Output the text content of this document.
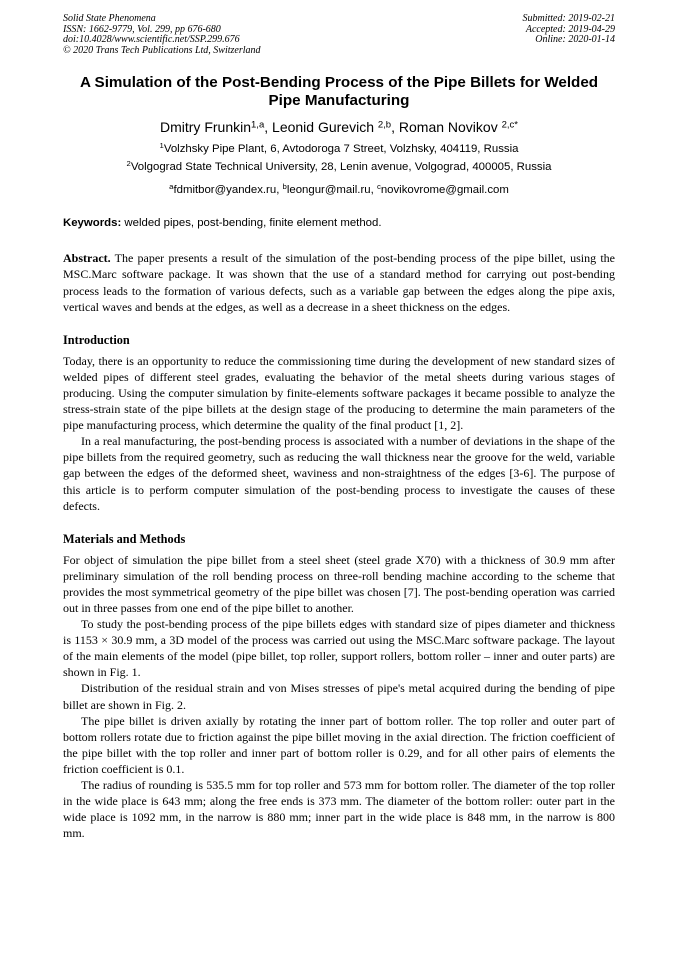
Solid State Phenomena
ISSN: 1662-9779, Vol. 299, pp 676-680
doi:10.4028/www.scientific.net/SSP.299.676
© 2020 Trans Tech Publications Ltd, Switzerland
Submitted: 2019-02-21
Accepted: 2019-04-29
Online: 2020-01-14
A Simulation of the Post-Bending Process of the Pipe Billets for Welded Pipe Manufacturing
Dmitry Frunkin$^{1,a}$, Leonid Gurevich $^{2,b}$, Roman Novikov $^{2,c*}$
$^1$Volzhsky Pipe Plant, 6, Avtodoroga 7 Street, Volzhsky, 404119, Russia
$^2$Volgograd State Technical University, 28, Lenin avenue, Volgograd, 400005, Russia
$^a$fdmitbor@yandex.ru, $^b$leongur@mail.ru, $^c$novikovrome@gmail.com
Keywords: welded pipes, post-bending, finite element method.
Abstract. The paper presents a result of the simulation of the post-bending process of the pipe billet, using the MSC.Marc software package. It was shown that the use of a standard method for carrying out post-bending process leads to the formation of various defects, such as a variable gap between the edges along the pipe axis, vertical waves and bends at the edges, as well as a decrease in a sheet thickness on the edges.
Introduction

Today, there is an opportunity to reduce the commissioning time during the development of new standard sizes of welded pipes of different steel grades, evaluating the behavior of the metal sheets during various stages of producing. Using the computer simulation by finite-elements software packages it became possible to analyze the stress-strain state of the pipe billets at the design stage of the producing to determine the main parameters of the pipe manufacturing process, which determine the quality of the final product [1, 2].

In a real manufacturing, the post-bending process is associated with a number of deviations in the shape of the pipe billets from the required geometry, such as reducing the wall thickness near the groove for the weld, variable gap between the edges of the deformed sheet, waviness and non-straightness of the edges [3-6]. The purpose of this article is to perform computer simulation of the post-bending process to investigate the causes of these defects.

Materials and Methods

For object of simulation the pipe billet from a steel sheet (steel grade X70) with a thickness of 30.9 mm after preliminary simulation of the roll bending process on three-roll bending machine according to the scheme that provides the most symmetrical geometry of the pipe billet was chosen [7]. The post-bending operation was carried out in three passes from one end of the pipe billet to another.

To study the post-bending process of the pipe billets edges with standard size of pipes diameter and thickness is 1153 × 30.9 mm, a 3D model of the process was carried out using the MSC.Marc software package. The layout of the main elements of the model (pipe billet, top roller, support rollers, bottom roller – inner and outer parts) are shown in Fig. 1.

Distribution of the residual strain and von Mises stresses of pipe's metal acquired during the bending of pipe billet are shown in Fig. 2.

The pipe billet is driven axially by rotating the inner part of bottom roller. The top roller and outer part of bottom rollers rotate due to friction against the pipe billet moving in the axial direction. The friction coefficient of the pipe billet with the top roller and inner part of bottom roller is 0.29, and for all other pairs of elements the friction coefficient is 0.1.

The radius of rounding is 535.5 mm for top roller and 573 mm for bottom roller. The diameter of the top roller in the wide place is 643 mm; along the free ends is 373 mm. The diameter of the bottom roller: outer part in the wide place is 1092 mm, in the narrow is 880 mm; inner part in the wide place is 848 mm, in the narrow is 800 mm.
